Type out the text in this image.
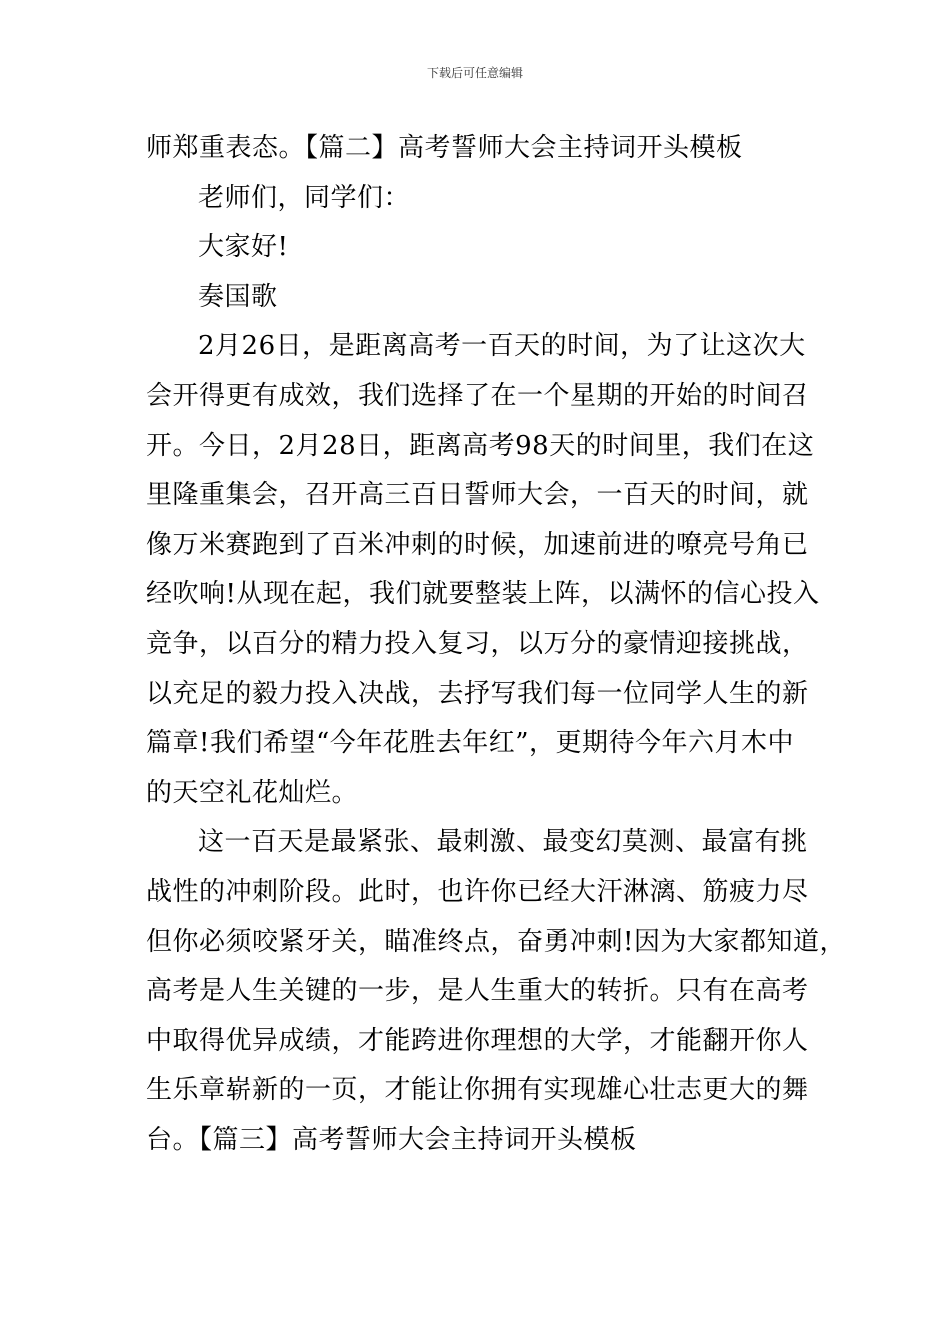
下载后可任意编辑
师郑重表态。【篇二】高考誓师大会主持词开头模板
老师们，同学们：
大家好!
奏国歌
2月26日，是距离高考一百天的时间，为了让这次大
会开得更有成效，我们选择了在一个星期的开始的时间召
开。今日，2月28日，距离高考98天的时间里，我们在这
里隆重集会，召开高三百日誓师大会，一百天的时间，就
像万米赛跑到了百米冲刺的时候，加速前进的嘹亮号角已
经吹响!从现在起，我们就要整装上阵，以满怀的信心投入
竞争，以百分的精力投入复习，以万分的豪情迎接挑战，
以充足的毅力投入决战，去抒写我们每一位同学人生的新
篇章!我们希望“今年花胜去年红”，更期待今年六月木中
的天空礼花灿烂。
这一百天是最紧张、最刺激、最变幻莫测、最富有挑
战性的冲刺阶段。此时，也许你已经大汗淋漓、筋疲力尽
但你必须咬紧牙关，瞄准终点，奋勇冲刺!因为大家都知道，
高考是人生关键的一步，是人生重大的转折。只有在高考
中取得优异成绩，才能跨进你理想的大学，才能翻开你人
生乐章崭新的一页，才能让你拥有实现雄心壮志更大的舞
台。【篇三】高考誓师大会主持词开头模板
